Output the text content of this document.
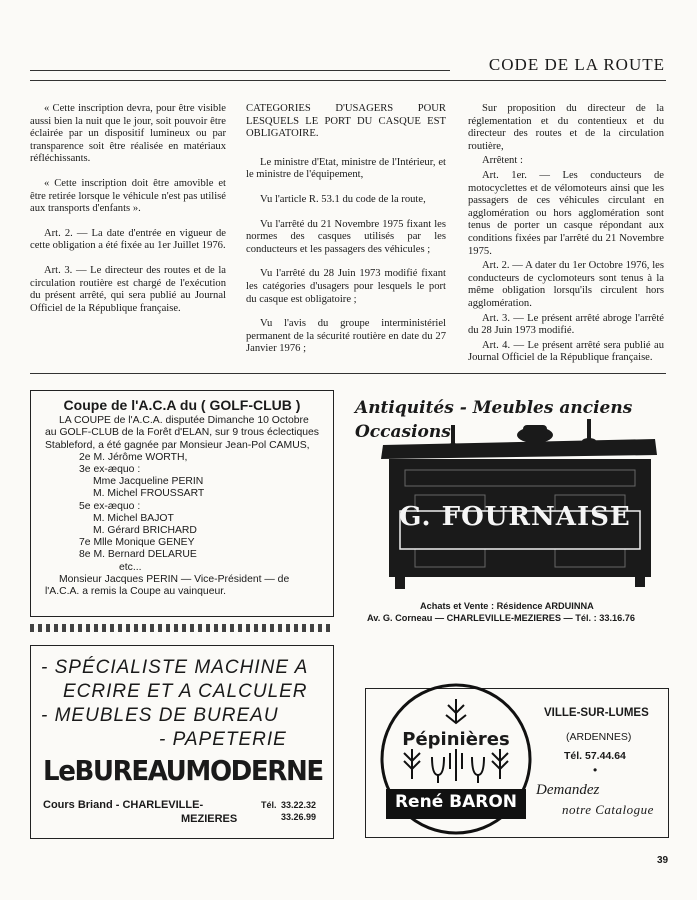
CODE DE LA ROUTE

« Cette inscription devra, pour être visible aussi bien la nuit que le jour, soit pouvoir être éclairée par un dispositif lumineux ou par transparence soit être réalisée en matériaux réfléchissants.

« Cette inscription doit être amovible et être retirée lorsque le véhicule n'est pas utilisé aux transports d'enfants ».

Art. 2. — La date d'entrée en vigueur de cette obligation a été fixée au 1er Juillet 1976.

Art. 3. — Le directeur des routes et de la circulation routière est chargé de l'exécution du présent arrêté, qui sera publié au Journal Officiel de la République française.

CATEGORIES D'USAGERS POUR LESQUELS LE PORT DU CASQUE EST OBLIGATOIRE.

Le ministre d'Etat, ministre de l'Intérieur, et le ministre de l'équipement,

Vu l'article R. 53.1 du code de la route,

Vu l'arrêté du 21 Novembre 1975 fixant les normes des casques utilisés par les conducteurs et les passagers des véhicules ;

Vu l'arrêté du 28 Juin 1973 modifié fixant les catégories d'usagers pour lesquels le port du casque est obligatoire ;

Vu l'avis du groupe interministériel permanent de la sécurité routière en date du 27 Janvier 1976 ;

Sur proposition du directeur de la réglementation et du contentieux et du directeur des routes et de la circulation routière,

Arrêtent :

Art. 1er. — Les conducteurs de motocyclettes et de vélomoteurs ainsi que les passagers de ces véhicules circulant en agglomération ou hors agglomération sont tenus de porter un casque répondant aux conditions fixées par l'arrêté du 21 Novembre 1975.

Art. 2. — A dater du 1er Octobre 1976, les conducteurs de cyclomoteurs sont tenus à la même obligation lorsqu'ils circulent hors agglomération.

Art. 3. — Le présent arrêté abroge l'arrêté du 28 Juin 1973 modifié.

Art. 4. — Le présent arrêté sera publié au Journal Officiel de la République française.

Coupe de l'A.C.A du ( GOLF-CLUB )
LA COUPE de l'A.C.A. disputée Dimanche 10 Octobre au GOLF-CLUB de la Forêt d'ELAN, sur 9 trous éclectiques Stableford, a été gagnée par Monsieur Jean-Pol CAMUS,
2e M. Jérôme WORTH,
3e ex-æquo :
Mme Jacqueline PERIN
M. Michel FROUSSART
5e ex-æquo :
M. Michel BAJOT
M. Gérard BRICHARD
7e Mlle Monique GENEY
8e M. Bernard DELARUE
etc...
Monsieur Jacques PERIN — Vice-Président — de l'A.C.A. a remis la Coupe au vainqueur.
Antiquités - Meubles anciens
Occasions
G. FOURNAISE
Achats et Vente : Résidence ARDUINNA
Av. G. Corneau — CHARLEVILLE-MEZIERES — Tél. : 33.16.76
- SPÉCIALISTE MACHINE A
ECRIRE ET A CALCULER
- MEUBLES DE BUREAU
- PAPETERIE
LeBUREAUMODERNE
Cours Briand - CHARLEVILLE-
MEZIERES
Tél. 33.22.32
33.26.99
Pépinières
René BARON
VILLE-SUR-LUMES
(ARDENNES)
Tél. 57.44.64
•
Demandez
notre Catalogue
39
